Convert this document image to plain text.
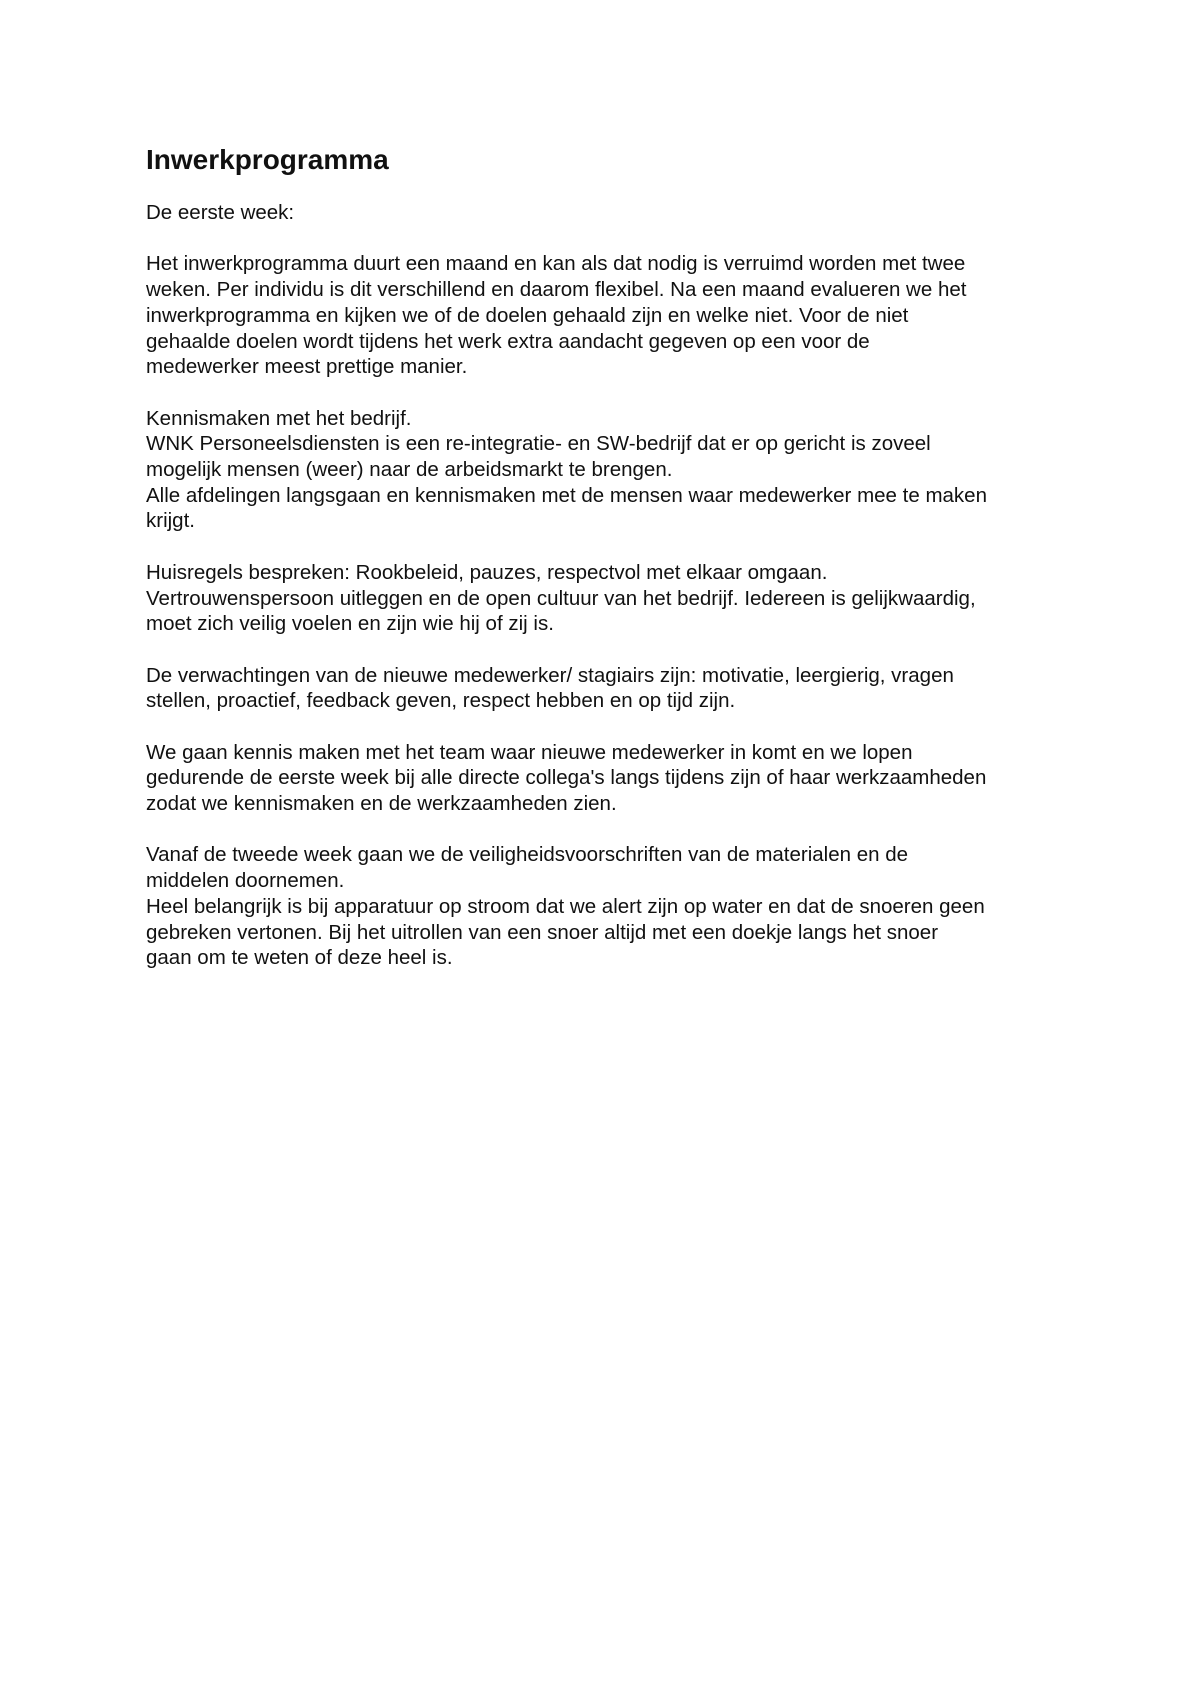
Inwerkprogramma

De eerste week:

Het inwerkprogramma duurt een maand en kan als dat nodig is verruimd worden met twee

weken. Per individu is dit verschillend en daarom flexibel. Na een maand evalueren we het

inwerkprogramma en kijken we of de doelen gehaald zijn en welke niet. Voor de niet

gehaalde doelen wordt tijdens het werk extra aandacht gegeven op een voor de

medewerker meest prettige manier.

Kennismaken met het bedrijf.

WNK Personeelsdiensten is een re-integratie- en SW-bedrijf dat er op gericht is zoveel

mogelijk mensen (weer) naar de arbeidsmarkt te brengen.

Alle afdelingen langsgaan en kennismaken met de mensen waar medewerker mee te maken

krijgt.

Huisregels bespreken: Rookbeleid, pauzes, respectvol met elkaar omgaan.

Vertrouwenspersoon uitleggen en de open cultuur van het bedrijf. Iedereen is gelijkwaardig,

moet zich veilig voelen en zijn wie hij of zij is.

De verwachtingen van de nieuwe medewerker/ stagiairs zijn: motivatie, leergierig, vragen

stellen, proactief, feedback geven, respect hebben en op tijd zijn.

We gaan kennis maken met het team waar nieuwe medewerker in komt en we lopen

gedurende de eerste week bij alle directe collega's langs tijdens zijn of haar werkzaamheden

zodat we kennismaken en de werkzaamheden zien.

Vanaf de tweede week gaan we de veiligheidsvoorschriften van de materialen en de

middelen doornemen.

Heel belangrijk is bij apparatuur op stroom dat we alert zijn op water en dat de snoeren geen

gebreken vertonen. Bij het uitrollen van een snoer altijd met een doekje langs het snoer

gaan om te weten of deze heel is.
